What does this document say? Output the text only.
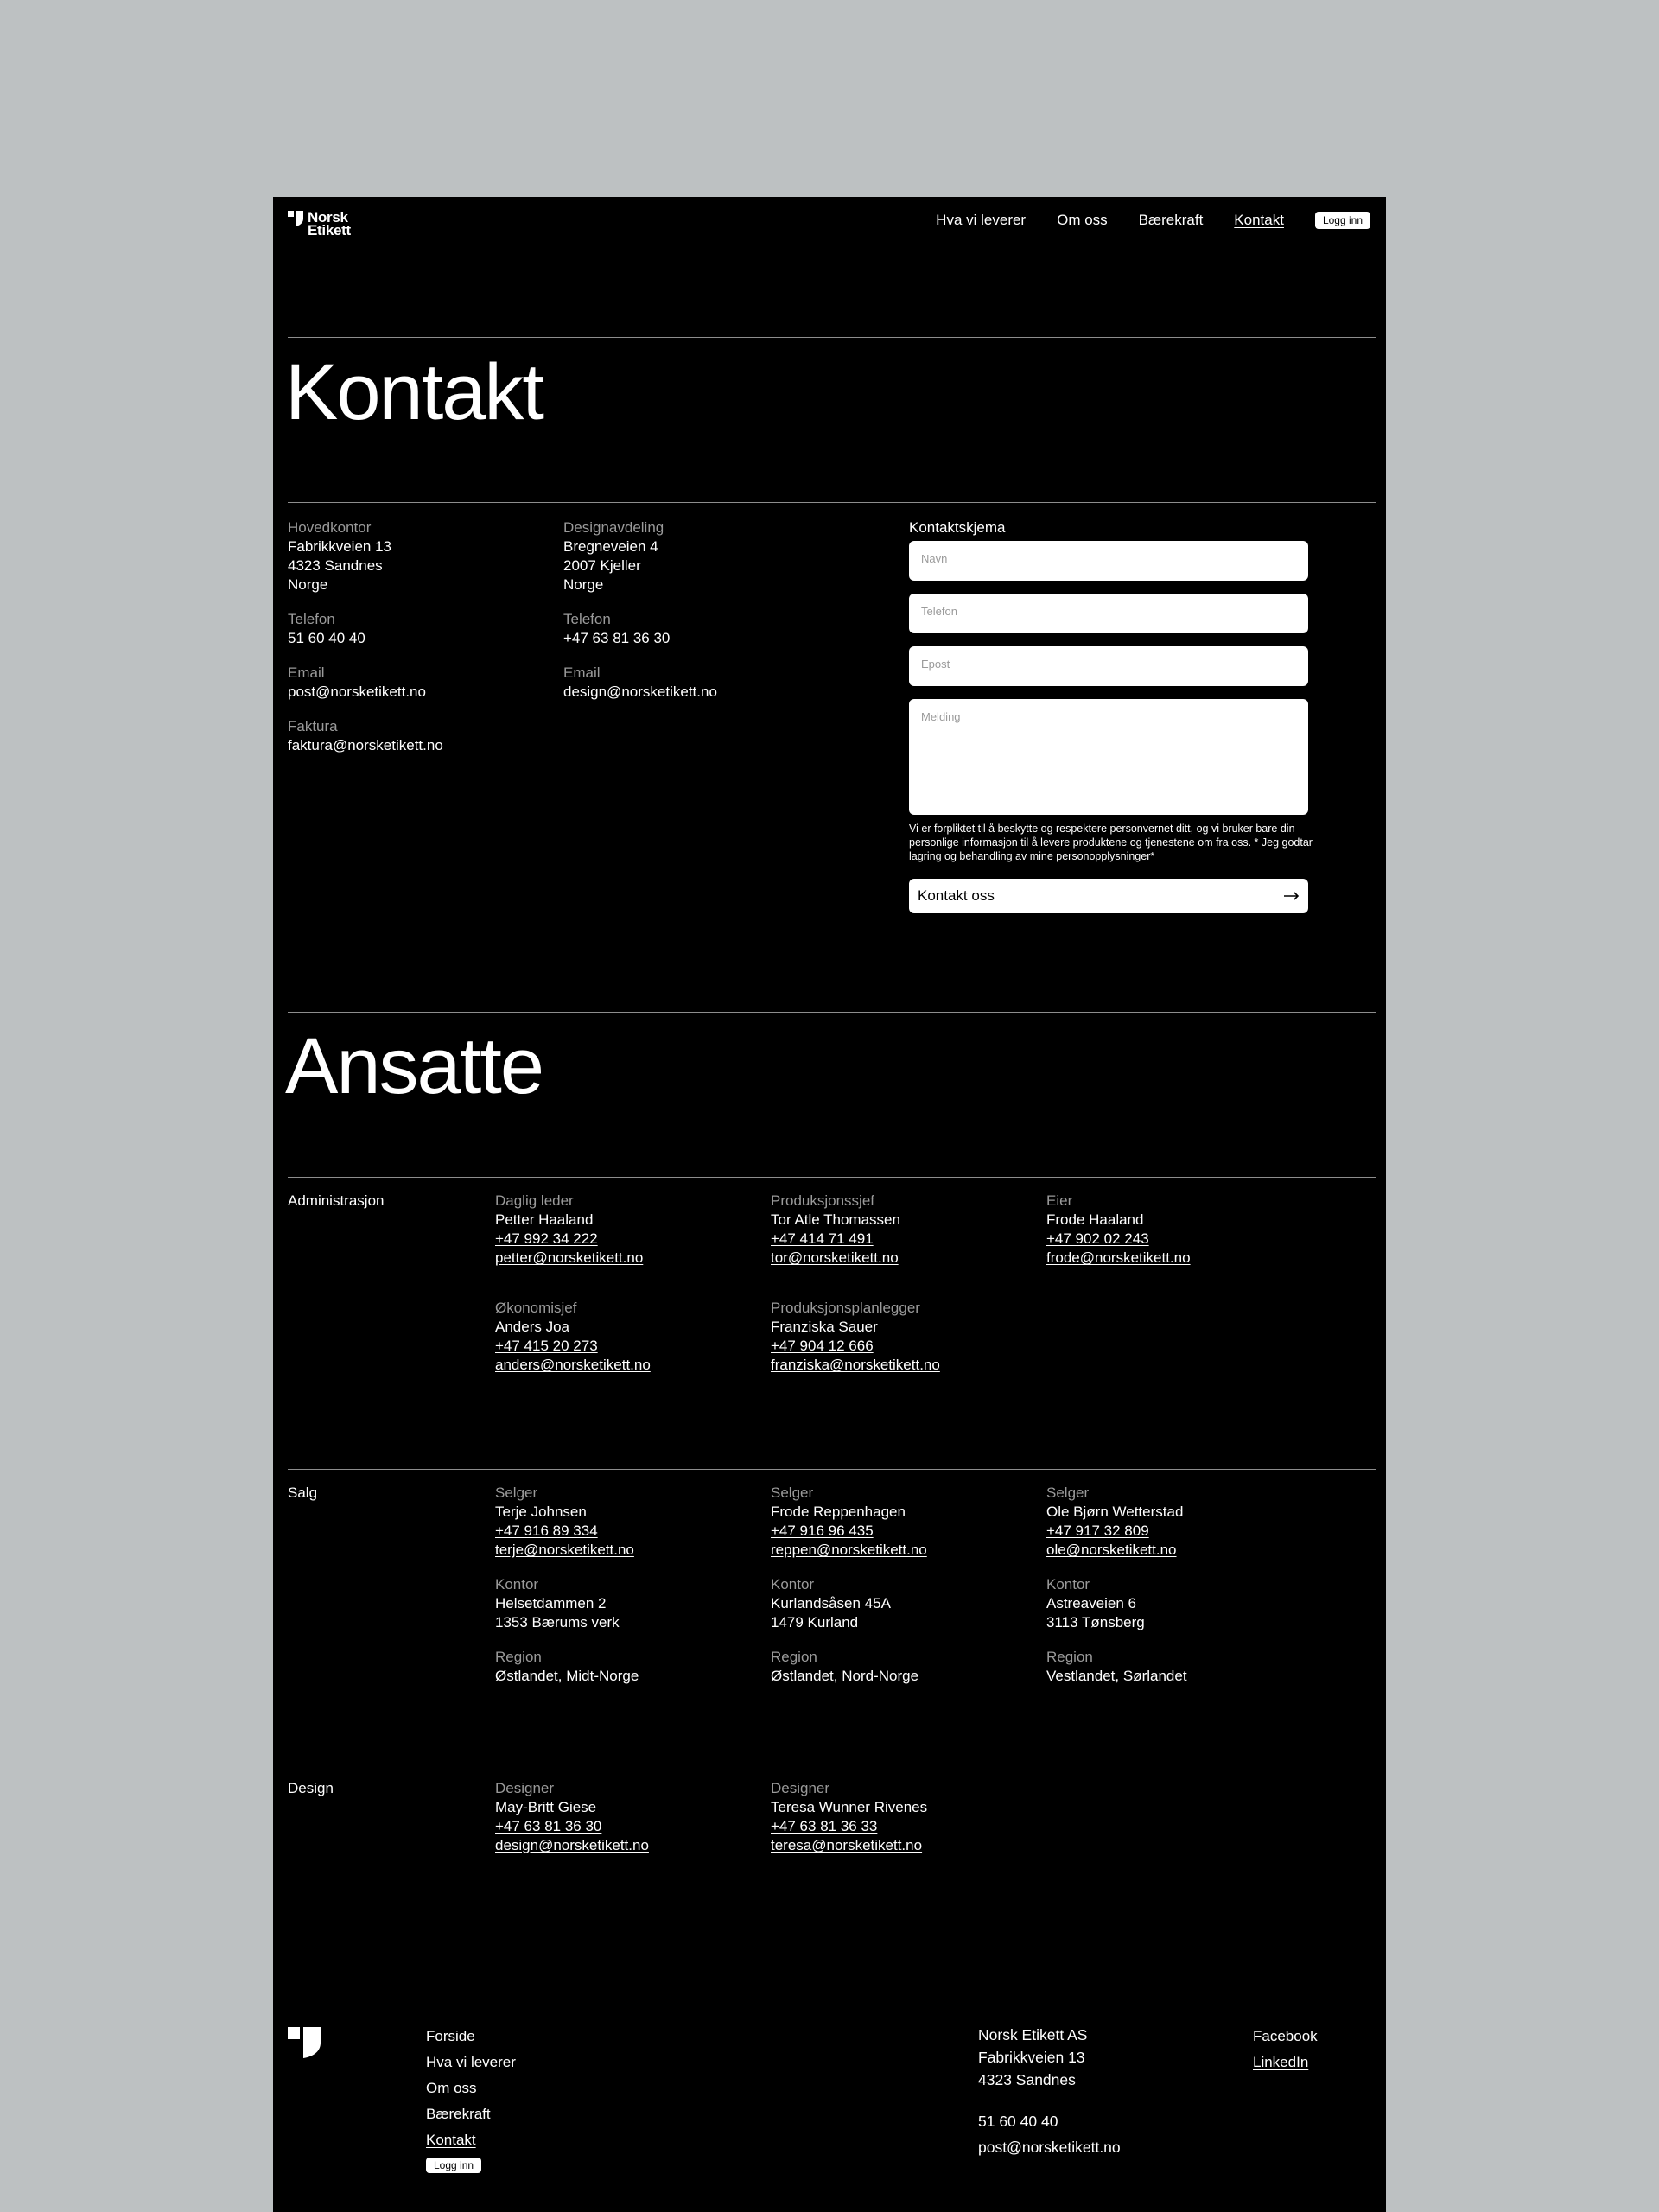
Norsk
Etikett
Hva vi leverer Om oss Bærekraft Kontakt	Logg inn
Kontakt
Hovedkontor
Fabrikkveien 13
4323 Sandnes
Norge
Telefon
51 60 40 40
Email
post@norsketikett.no
Faktura
faktura@norsketikett.no
Designavdeling
Bregneveien 4
2007 Kjeller
Norge
Telefon
+47 63 81 36 30
Email
design@norsketikett.no
Kontaktskjema
Navn
Telefon
Epost
Melding
Vi er forpliktet til å beskytte og respektere personvernet ditt, og vi bruker bare din personlige informasjon til å levere produktene og tjenestene om fra oss. * Jeg godtar lagring og behandling av mine personopplysninger*
Kontakt oss
Ansatte
Administrasjon	Daglig leder
Petter Haaland
+47 992 34 222
petter@norsketikett.no
Produksjonssjef
Tor Atle Thomassen
+47 414 71 491
tor@norsketikett.no
Eier
Frode Haaland
+47 902 02 243
frode@norsketikett.no
Økonomisjef
Anders Joa
+47 415 20 273
anders@norsketikett.no
Produksjonsplanlegger
Franziska Sauer
+47 904 12 666
franziska@norsketikett.no
Salg	Selger
Terje Johnsen
+47 916 89 334
terje@norsketikett.no
Kontor
Helsetdammen 2
1353 Bærums verk
Region
Østlandet, Midt-Norge
Selger
Frode Reppenhagen
+47 916 96 435
reppen@norsketikett.no
Kontor
Kurlandsåsen 45A
1479 Kurland
Region
Østlandet, Nord-Norge
Selger
Ole Bjørn Wetterstad
+47 917 32 809
ole@norsketikett.no
Kontor
Astreaveien 6
3113 Tønsberg
Region
Vestlandet, Sørlandet
Design	Designer
May-Britt Giese
+47 63 81 36 30
design@norsketikett.no
Designer
Teresa Wunner Rivenes
+47 63 81 36 33
teresa@norsketikett.no
Forside
Hva vi leverer
Om oss
Bærekraft
Kontakt
Logg inn
Norsk Etikett AS
Fabrikkveien 13
4323 Sandnes
51 60 40 40
post@norsketikett.no
Facebook
LinkedIn
